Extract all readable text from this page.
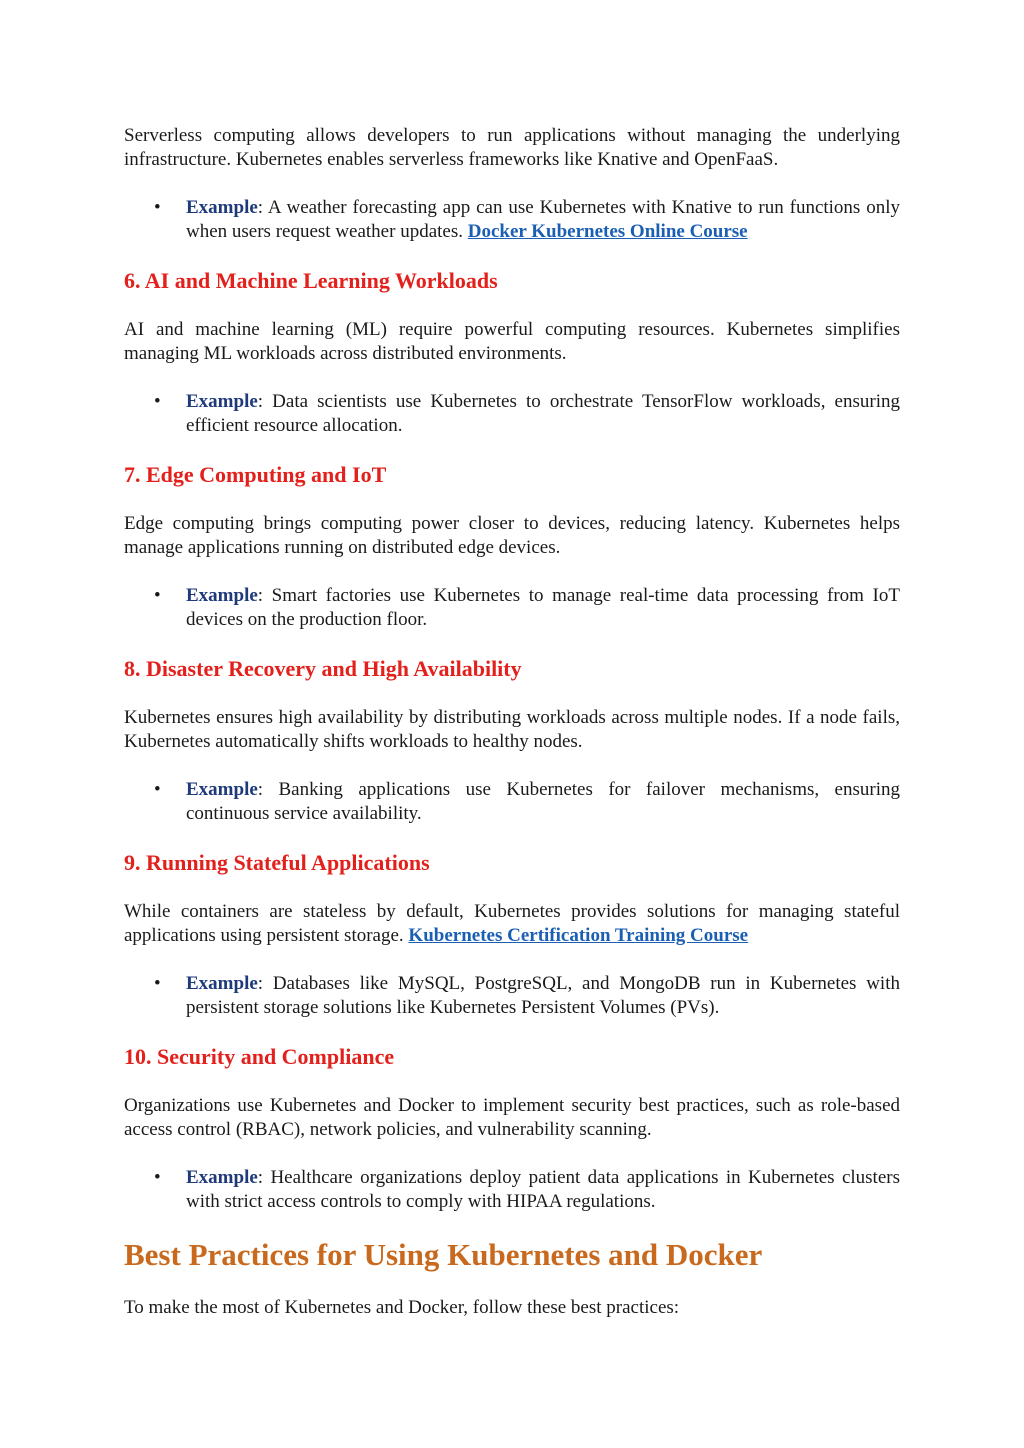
Serverless computing allows developers to run applications without managing the underlying infrastructure. Kubernetes enables serverless frameworks like Knative and OpenFaaS.

• Example: A weather forecasting app can use Kubernetes with Knative to run functions only when users request weather updates. Docker Kubernetes Online Course
6. AI and Machine Learning Workloads

AI and machine learning (ML) require powerful computing resources. Kubernetes simplifies managing ML workloads across distributed environments.

• Example: Data scientists use Kubernetes to orchestrate TensorFlow workloads, ensuring efficient resource allocation.
7. Edge Computing and IoT

Edge computing brings computing power closer to devices, reducing latency. Kubernetes helps manage applications running on distributed edge devices.

• Example: Smart factories use Kubernetes to manage real-time data processing from IoT devices on the production floor.
8. Disaster Recovery and High Availability

Kubernetes ensures high availability by distributing workloads across multiple nodes. If a node fails, Kubernetes automatically shifts workloads to healthy nodes.

• Example: Banking applications use Kubernetes for failover mechanisms, ensuring continuous service availability.
9. Running Stateful Applications

While containers are stateless by default, Kubernetes provides solutions for managing stateful applications using persistent storage. Kubernetes Certification Training Course

• Example: Databases like MySQL, PostgreSQL, and MongoDB run in Kubernetes with persistent storage solutions like Kubernetes Persistent Volumes (PVs).
10. Security and Compliance

Organizations use Kubernetes and Docker to implement security best practices, such as role-based access control (RBAC), network policies, and vulnerability scanning.

• Example: Healthcare organizations deploy patient data applications in Kubernetes clusters with strict access controls to comply with HIPAA regulations.
Best Practices for Using Kubernetes and Docker

To make the most of Kubernetes and Docker, follow these best practices:
